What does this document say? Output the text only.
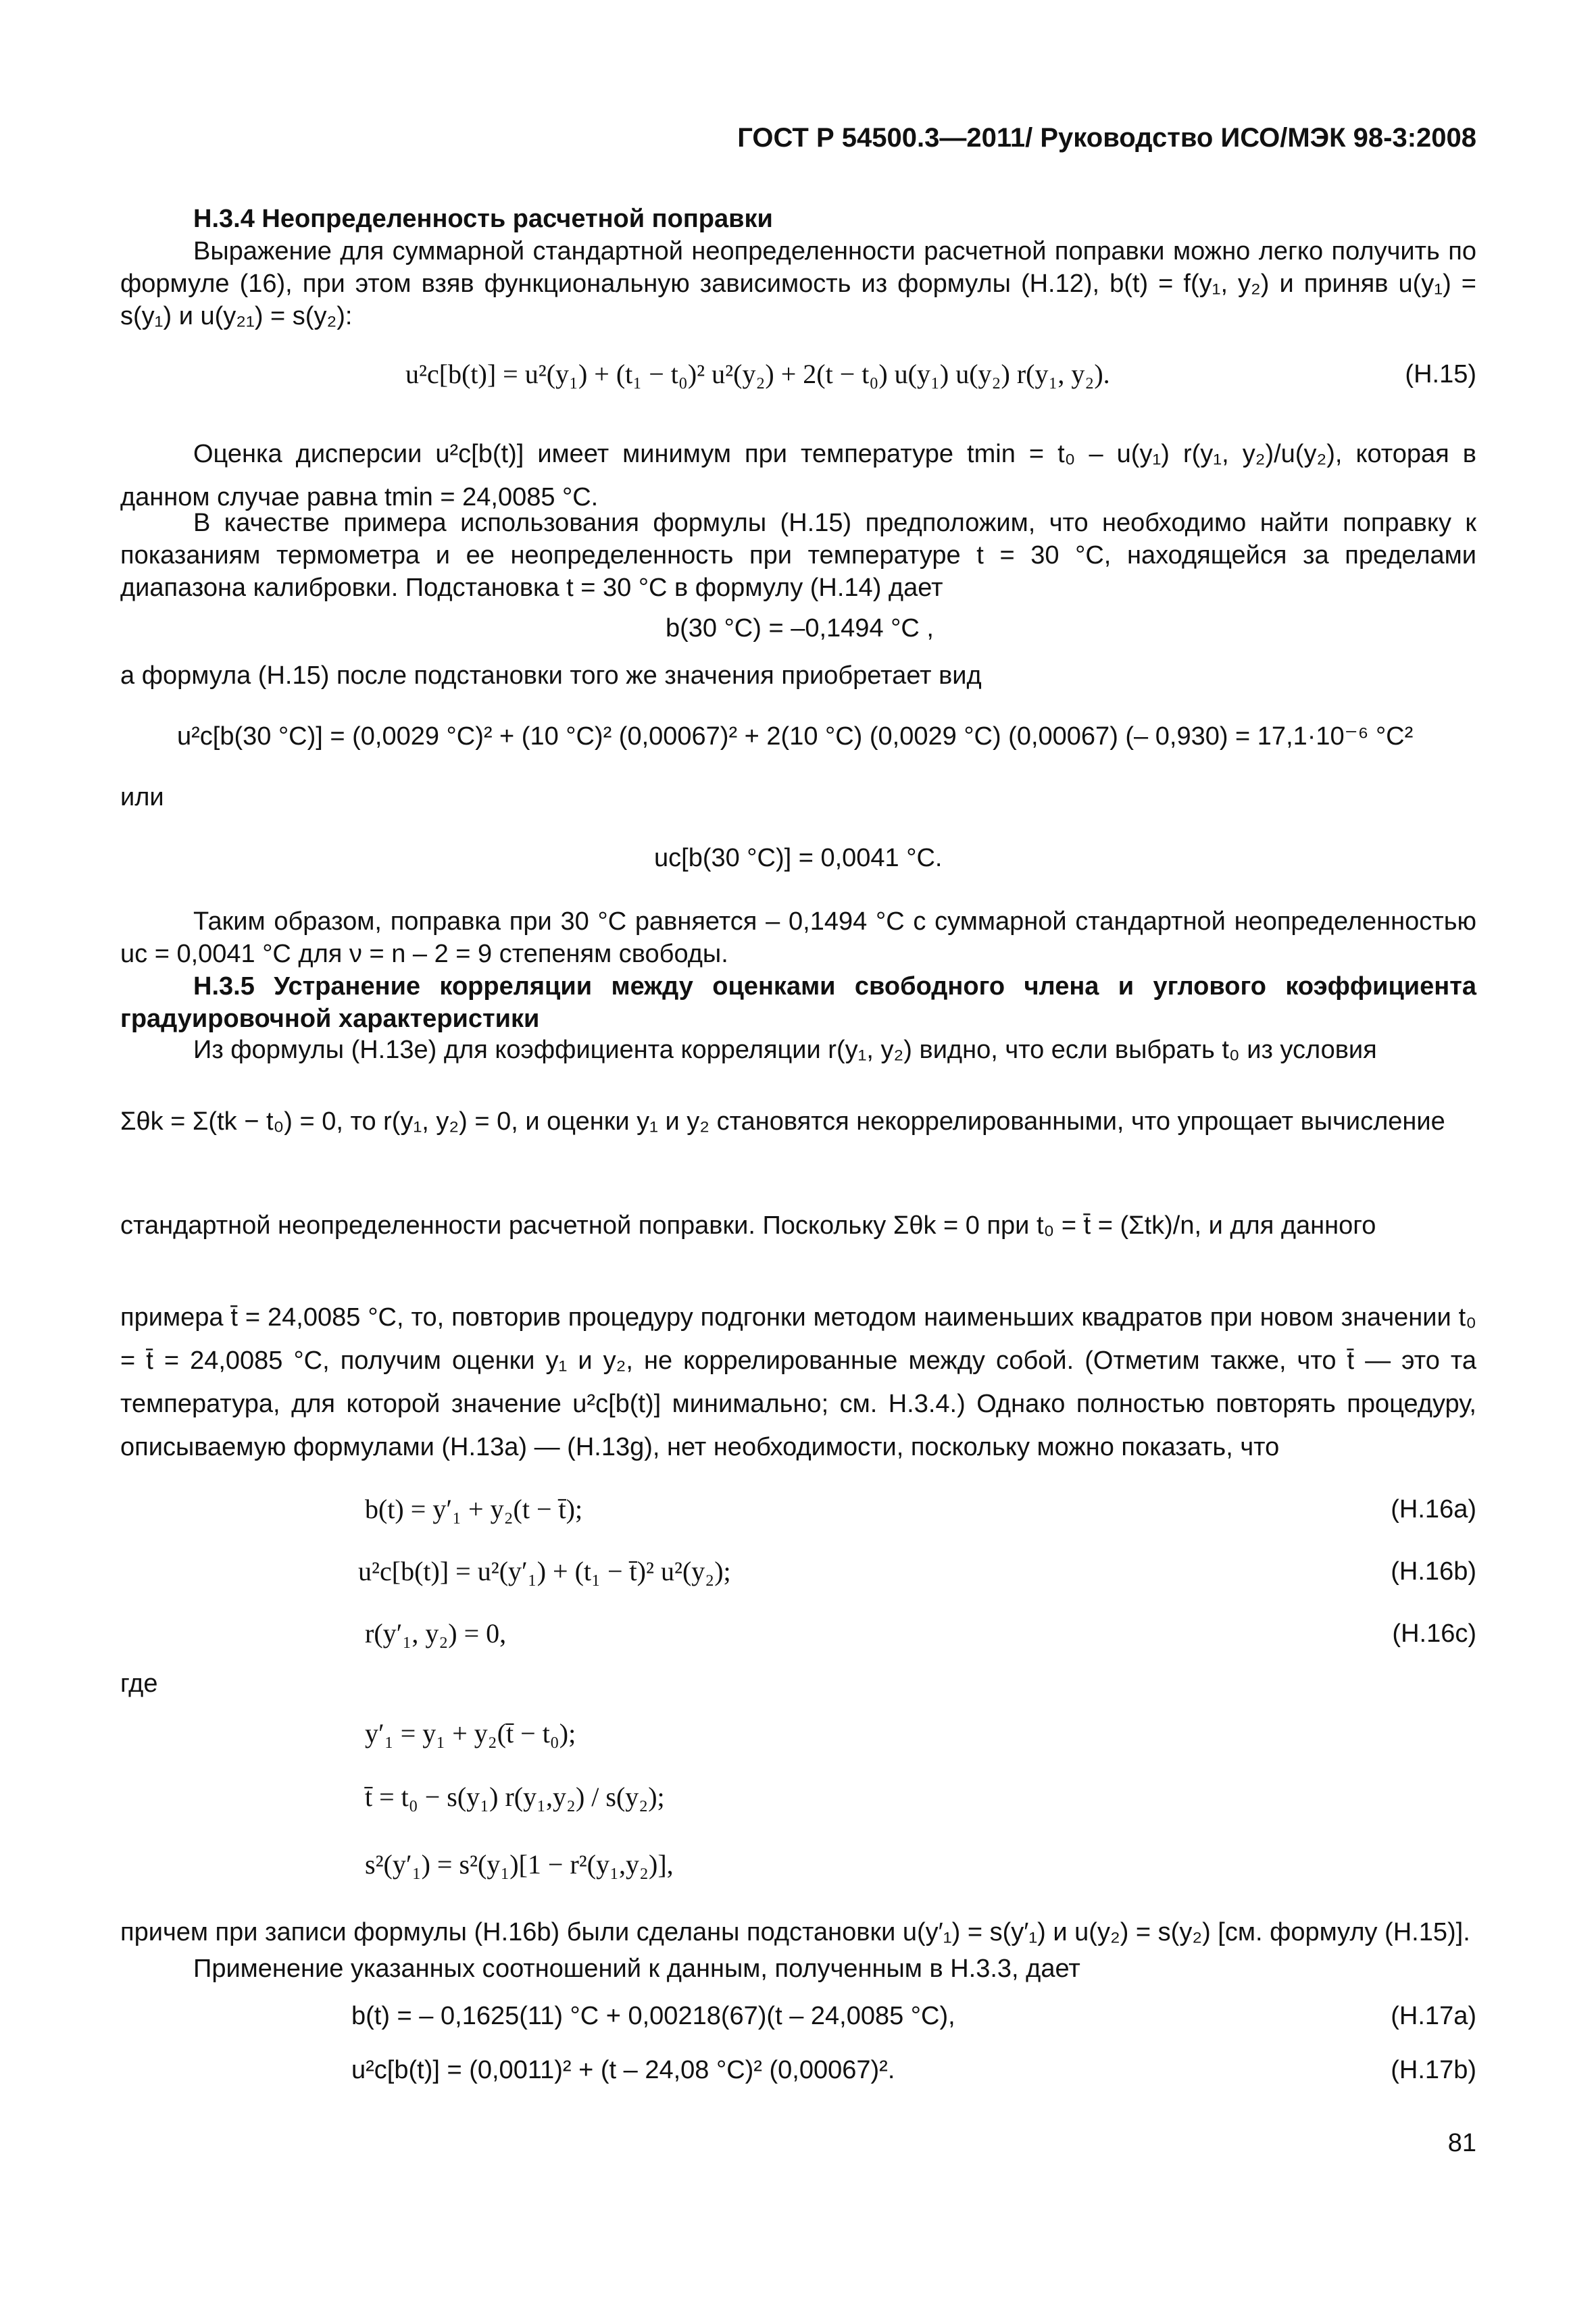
ГОСТ Р 54500.3—2011/ Руководство ИСО/МЭК 98-3:2008
Н.3.4 Неопределенность расчетной поправки
Выражение для суммарной стандартной неопределенности расчетной поправки можно легко получить по формуле (16), при этом взяв функциональную зависимость из формулы (Н.12), b(t) = f(y₁, y₂) и приняв u(y₁) = s(y₁) и u(y₂₁) = s(y₂):
u²c[b(t)] = u²(y₁) + (t₁ − t₀)² u²(y₂) + 2(t − t₀) u(y₁) u(y₂) r(y₁, y₂).	(Н.15)
Оценка дисперсии u²c[b(t)] имеет минимум при температуре tmin = t₀ – u(y₁) r(y₁, y₂)/u(y₂), которая в данном случае равна tmin = 24,0085 °С.
В качестве примера использования формулы (Н.15) предположим, что необходимо найти поправку к показаниям термометра и ее неопределенность при температуре t = 30 °С, находящейся за пределами диапазона калибровки. Подстановка t = 30 °С в формулу (Н.14) дает
b(30 °С) = –0,1494 °С ,
а формула (Н.15) после подстановки того же значения приобретает вид
u²c[b(30 °С)] = (0,0029 °С)² + (10 °С)² (0,00067)² + 2(10 °С) (0,0029 °С) (0,00067) (– 0,930) = 17,1·10⁻⁶ °С²
или
uc[b(30 °С)] = 0,0041 °С.
Таким образом, поправка при 30 °С равняется – 0,1494 °С с суммарной стандартной неопределенностью uc = 0,0041 °С для ν = n – 2 = 9 степеням свободы.
Н.3.5 Устранение корреляции между оценками свободного члена и углового коэффициента градуировочной характеристики
Из формулы (Н.13е) для коэффициента корреляции r(y₁, y₂) видно, что если выбрать t₀ из условия
Σθk = Σ(tk − t₀) = 0, то r(y₁, y₂) = 0, и оценки y₁ и y₂ становятся некоррелированными, что упрощает вычисление
стандартной неопределенности расчетной поправки. Поскольку Σθk = 0 при t₀ = t̄ = (Σtk)/n, и для данного
примера t̄ = 24,0085 °С, то, повторив процедуру подгонки методом наименьших квадратов при новом значении t₀ = t̄ = 24,0085 °С, получим оценки y₁ и y₂, не коррелированные между собой. (Отметим также, что t̄ — это та температура, для которой значение u²c[b(t)] минимально; см. Н.3.4.) Однако полностью повторять процедуру, описываемую формулами (Н.13а) — (Н.13g), нет необходимости, поскольку можно показать, что
b(t) = y′₁ + y₂(t − t̄);	(Н.16a)
u²c[b(t)] = u²(y′₁) + (t₁ − t̄)² u²(y₂);	(Н.16b)
r(y′₁, y₂) = 0,	(Н.16c)
где
y′₁ = y₁ + y₂(t̄ − t₀);
t̄ = t₀ − s(y₁) r(y₁,y₂) / s(y₂);
s²(y′₁) = s²(y₁)[1 − r²(y₁,y₂)],
причем при записи формулы (Н.16b) были сделаны подстановки u(y′₁) = s(y′₁) и u(y₂) = s(y₂) [см. формулу (Н.15)].
Применение указанных соотношений к данным, полученным в Н.3.3, дает
b(t) = – 0,1625(11) °С + 0,00218(67)(t – 24,0085 °С),	(Н.17a)
u²c[b(t)] = (0,0011)² + (t – 24,08 °С)² (0,00067)².	(Н.17b)
81
